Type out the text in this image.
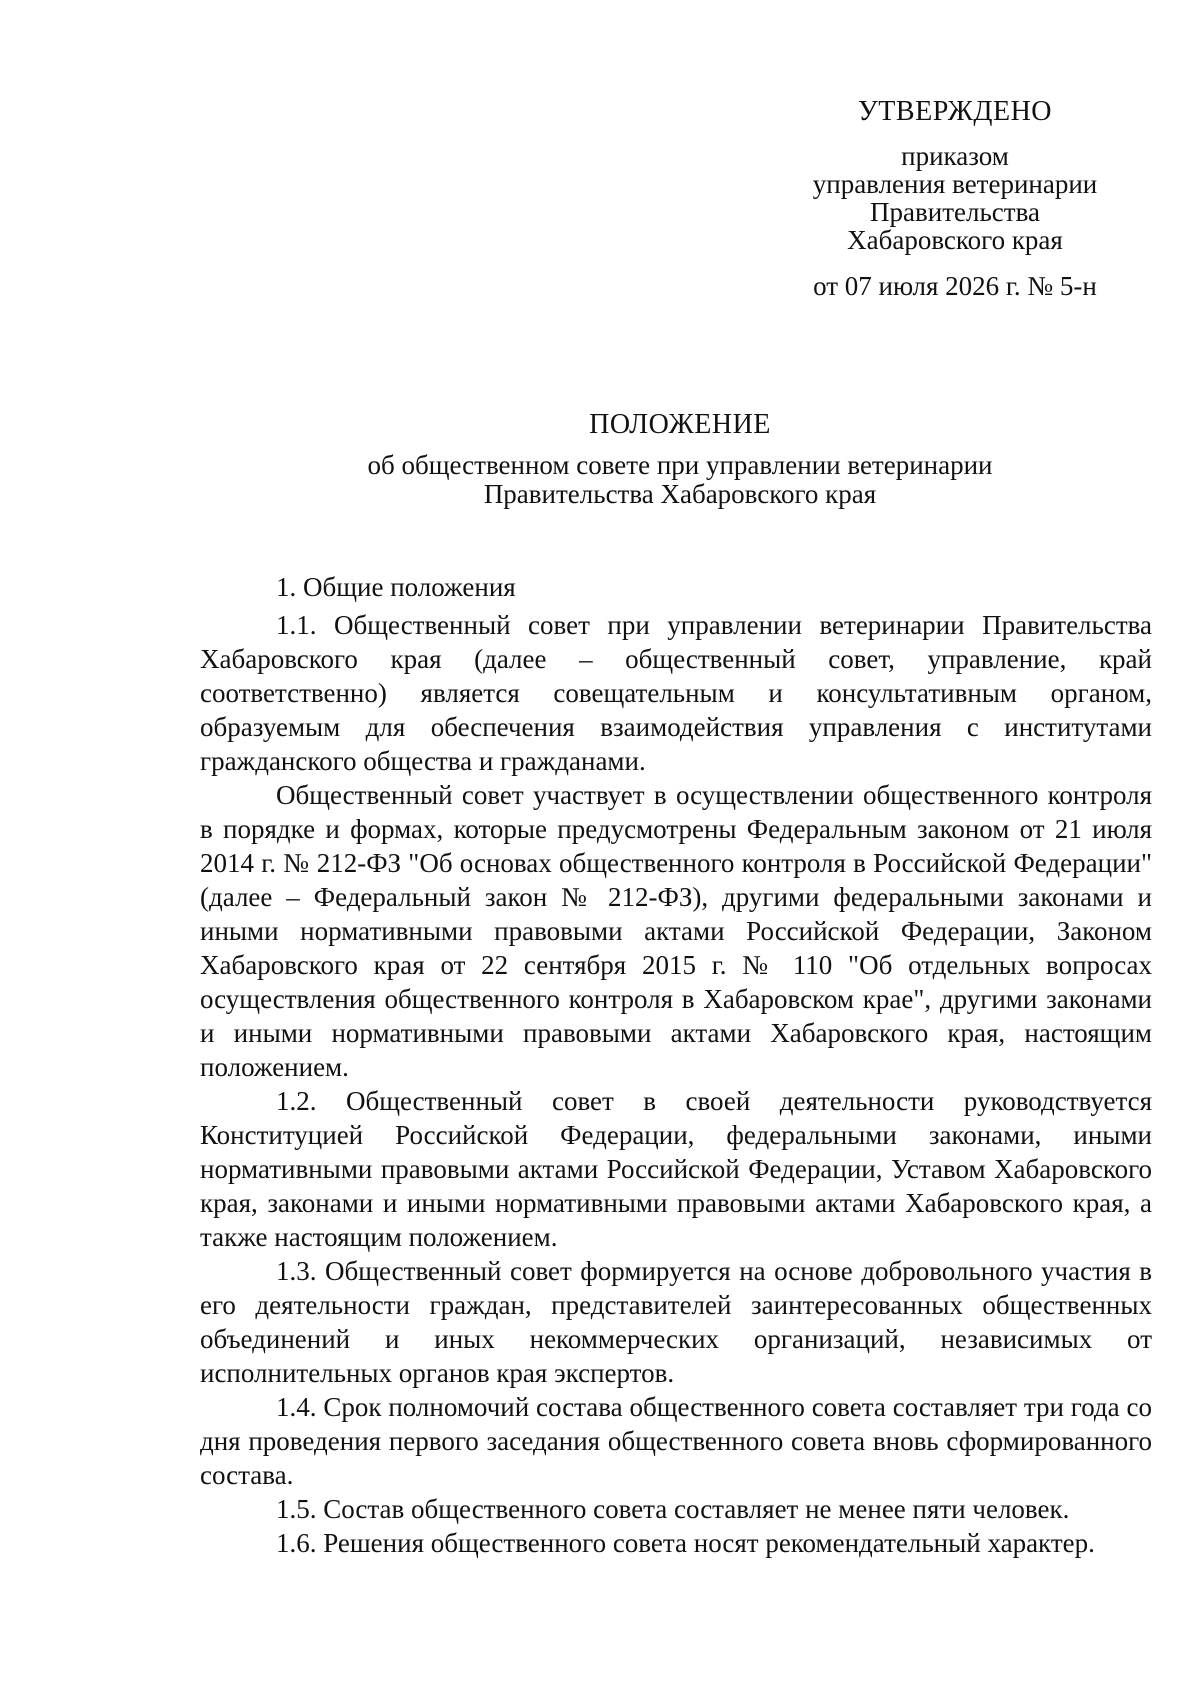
УТВЕРЖДЕНО
приказом
управления ветеринарии
Правительства
Хабаровского края
от 07 июля 2026 г. № 5-н
ПОЛОЖЕНИЕ
об общественном совете при управлении ветеринарии
Правительства Хабаровского края

1. Общие положения

1.1. Общественный совет при управлении ветеринарии Правительства Хабаровского края (далее – общественный совет, управление, край соответственно) является совещательным и консультативным органом, образуемым для обеспечения взаимодействия управления с институтами гражданского общества и гражданами.

Общественный совет участвует в осуществлении общественного контроля в порядке и формах, которые предусмотрены Федеральным законом от 21 июля 2014 г. № 212-ФЗ "Об основах общественного контроля в Российской Федерации" (далее – Федеральный закон № 212-ФЗ), другими федеральными законами и иными нормативными правовыми актами Российской Федерации, Законом Хабаровского края от 22 сентября 2015 г. № 110 "Об отдельных вопросах осуществления общественного контроля в Хабаровском крае", другими законами и иными нормативными правовыми актами Хабаровского края, настоящим положением.

1.2. Общественный совет в своей деятельности руководствуется Конституцией Российской Федерации, федеральными законами, иными нормативными правовыми актами Российской Федерации, Уставом Хабаровского края, законами и иными нормативными правовыми актами Хабаровского края, а также настоящим положением.

1.3. Общественный совет формируется на основе добровольного участия в его деятельности граждан, представителей заинтересованных общественных объединений и иных некоммерческих организаций, независимых от исполнительных органов края экспертов.

1.4. Срок полномочий состава общественного совета составляет три года со дня проведения первого заседания общественного совета вновь сформированного состава.

1.5. Состав общественного совета составляет не менее пяти человек.

1.6. Решения общественного совета носят рекомендательный характер.
